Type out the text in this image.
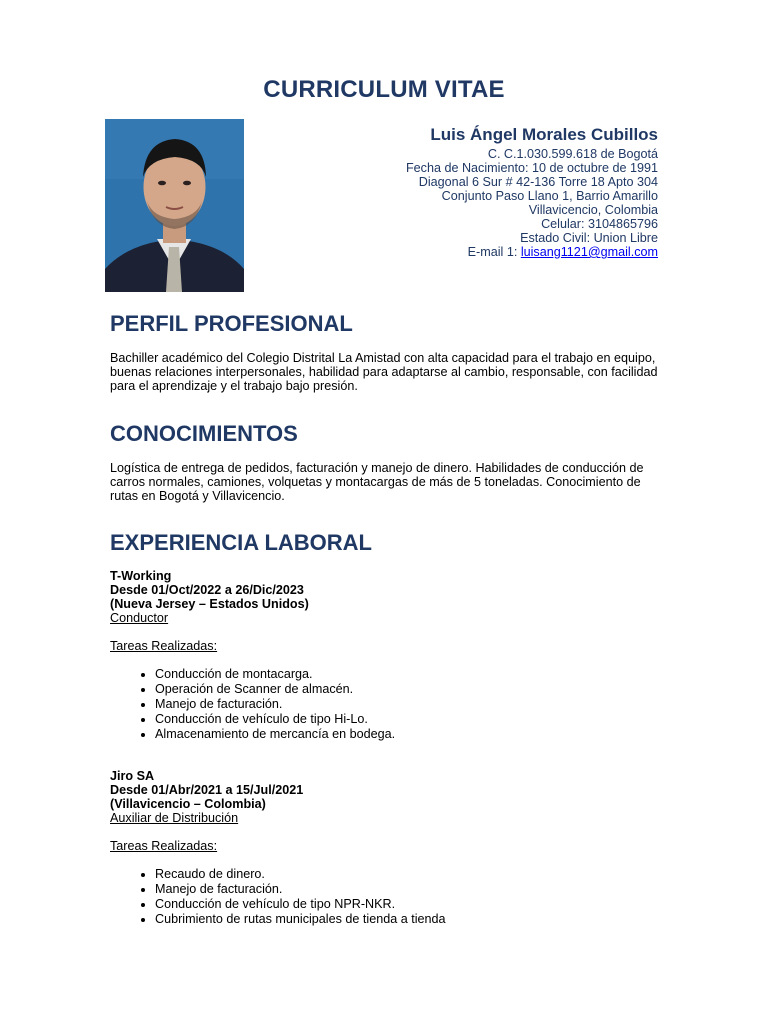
CURRICULUM VITAE
Luis Ángel Morales Cubillos
C. C.1.030.599.618 de Bogotá
Fecha de Nacimiento: 10 de octubre de 1991
Diagonal 6 Sur # 42-136 Torre 18 Apto 304
Conjunto Paso Llano 1, Barrio Amarillo
Villavicencio, Colombia
Celular: 3104865796
Estado Civil: Union Libre
E-mail 1: luisang1121@gmail.com
PERFIL PROFESIONAL
Bachiller académico del Colegio Distrital La Amistad con alta capacidad para el trabajo en equipo, buenas relaciones interpersonales, habilidad para adaptarse al cambio, responsable, con facilidad para el aprendizaje y el trabajo bajo presión.
CONOCIMIENTOS
Logística de entrega de pedidos, facturación y manejo de dinero. Habilidades de conducción de carros normales, camiones, volquetas y montacargas de más de 5 toneladas. Conocimiento de rutas en Bogotá y Villavicencio.
EXPERIENCIA LABORAL
T-Working
Desde 01/Oct/2022 a 26/Dic/2023
(Nueva Jersey – Estados Unidos)
Conductor
Tareas Realizadas:
• Conducción de montacarga.
• Operación de Scanner de almacén.
• Manejo de facturación.
• Conducción de vehículo de tipo Hi-Lo.
• Almacenamiento de mercancía en bodega.
Jiro SA
Desde 01/Abr/2021 a 15/Jul/2021
(Villavicencio – Colombia)
Auxiliar de Distribución
Tareas Realizadas:
• Recaudo de dinero.
• Manejo de facturación.
• Conducción de vehículo de tipo NPR-NKR.
• Cubrimiento de rutas municipales de tienda a tienda
